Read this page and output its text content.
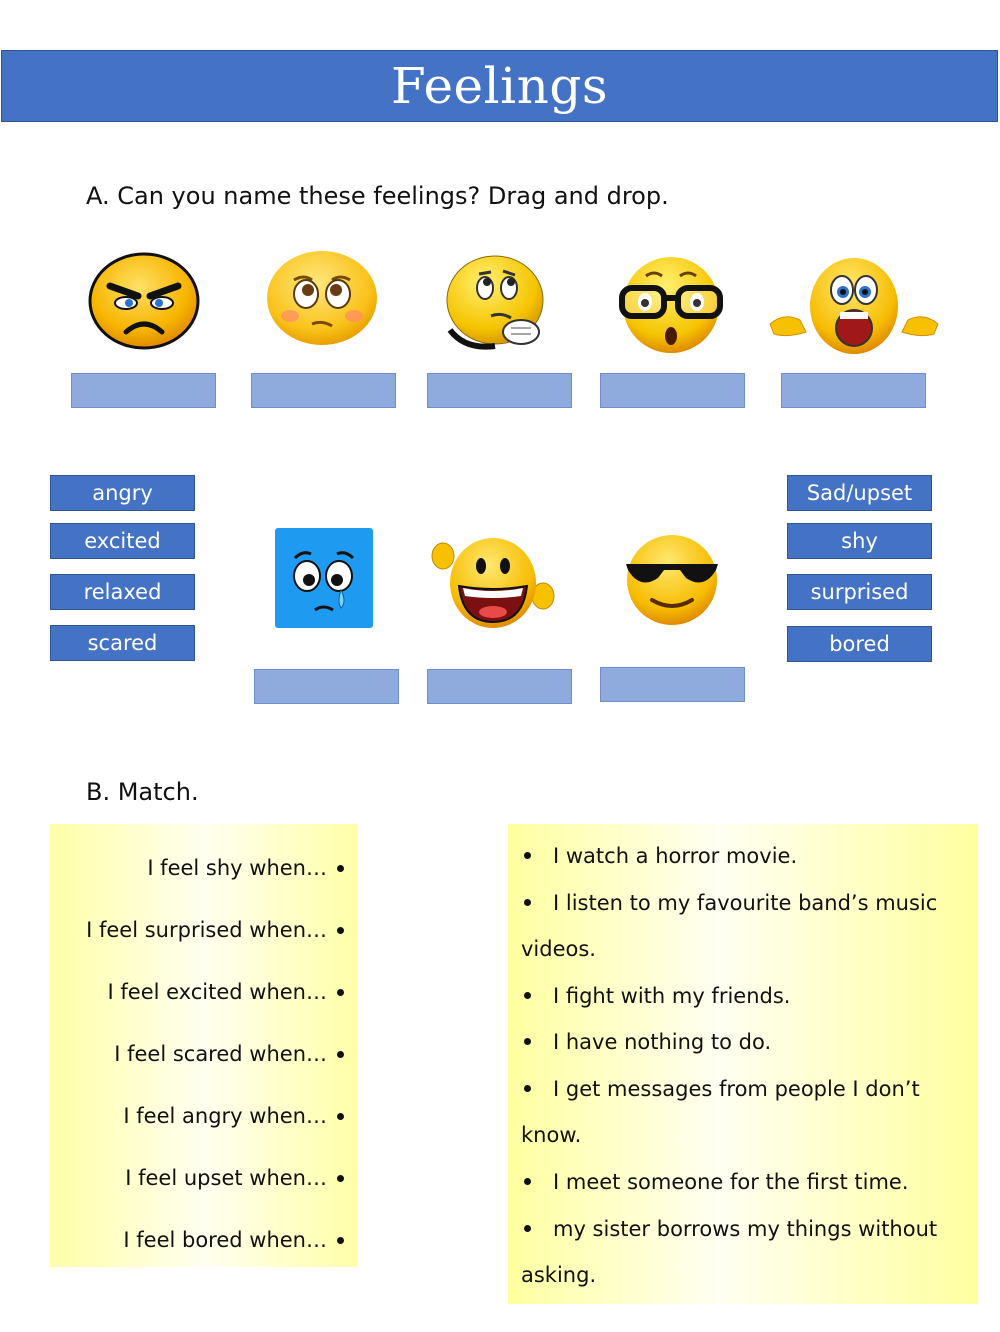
Feelings
A. Can you name these feelings? Drag and drop.
angry
excited
relaxed
scared
Sad/upset
shy
surprised
bored
B. Match.
I feel shy when…
I feel surprised when…
I feel excited when…
I feel scared when…
I feel angry when…
I feel upset when…
I feel bored when…
I watch a horror movie.
I listen to my favourite band’s music
videos.
I fight with my friends.
I have nothing to do.
I get messages from people I don’t
know.
I meet someone for the first time.
my sister borrows my things without
asking.
